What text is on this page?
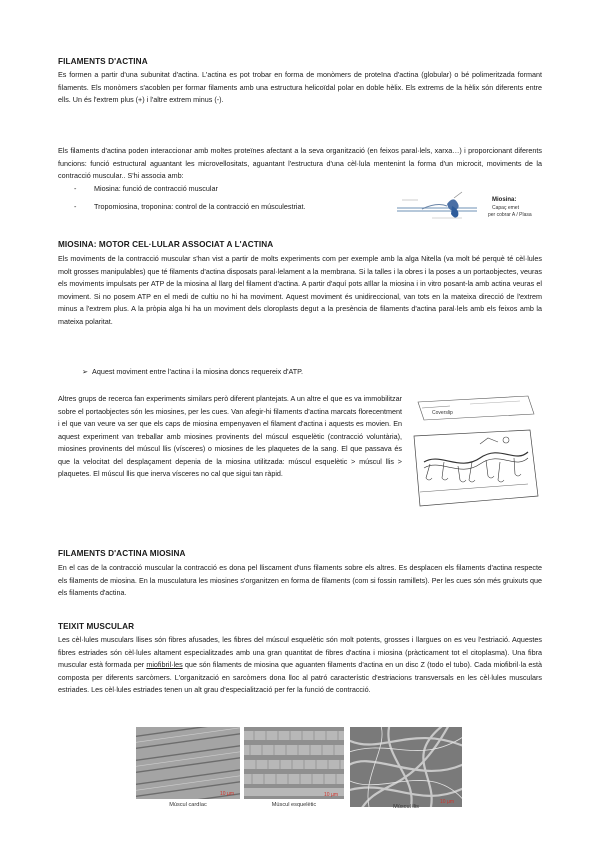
FILAMENTS D'ACTINA

Es formen a partir d'una subunitat d'actina. L'actina es pot trobar en forma de monòmers de proteïna d'actina (globular) o bé polimeritzada formant filaments. Els monòmers s'acoblen per formar filaments amb una estructura helicoïdal polar en doble hèlix. Els extrems de la hèlix són diferents entre ells. Un és l'extrem plus (+) i l'altre extrem minus (-).

Els filaments d'actina poden interaccionar amb moltes proteïnes afectant a la seva organització (en feixos paral·lels, xarxa…) i proporcionant diferents funcions: funció estructural aguantant les microvellositats, aguantant l'estructura d'una cèl·lula mentenint la forma d'un microcit, moviments de la contracció muscular.. S'hi associa amb:

- Miosina: funció de contracció muscular
- Tropomiosina, troponina: control de la contracció en músculestriat.
Miosina:
Capaç emet
per cobrar A / Plasa
MIOSINA: MOTOR CEL·LULAR ASSOCIAT A L'ACTINA

Els moviments de la contracció muscular s'han vist a partir de molts experiments com per exemple amb la alga Nitella (va molt bé perquè té cèl·lules molt grosses manipulables) que té filaments d'actina disposats paral·lelament a la membrana. Si la talles i la obres i la poses a un portaobjectes, veuras els moviments impulsats per ATP de la miosina al llarg del filament d'actina. A partir d'aquí pots aïllar la miosina i in vitro posant-la amb actina veuras el moviment. Si no posem ATP en el medi de cultiu no hi ha moviment. Aquest moviment és unidireccional, van tots en la mateixa direcció de l'extrem minus a l'extrem plus. A la pròpia alga hi ha un moviment dels cloroplasts degut a la presència de filaments d'actina paral·lels amb els feixos amb la mateixa polaritat.

➢  Aquest moviment entre l'actina i la miosina doncs requereix d'ATP.

Altres grups de recerca fan experiments similars però diferent plantejats. A un altre el que es va immobilitzar sobre el portaobjectes són les miosines, per les cues. Van afegir-hi filaments d'actina marcats florecentment i el que van veure va ser que els caps de miosina empenyaven el filament d'actina i aquests es movien. En aquest experiment van treballar amb miosines provinents del múscul esquelètic (contracció voluntària), miosines provinents del múscul llis (vísceres) o miosines de les plaquetes de la sang. El que passava és que la velocitat del desplaçament depenia de la miosina utilitzada: múscul esquelètic > múscul llis > plaquetes. El múscul llis que inerva vísceres no cal que sigui tan ràpid.

Coverslip
FILAMENTS D'ACTINA MIOSINA

En el cas de la contracció muscular la contracció es dona pel lliscament d'uns filaments sobre els altres. Es desplacen els filaments d'actina respecte els filaments de miosina. En la musculatura les miosines s'organitzen en forma de filaments (com si fossin ramillets). Per les cues són més gruixuts que els filaments d'actina.

TEIXIT MUSCULAR

Les cèl·lules musculars llises són fibres afusades, les fibres del múscul esquelètic són molt potents, grosses i llargues on es veu l'estriació. Aquestes fibres estriades són cèl·lules altament especialitzades amb una gran quantitat de fibres d'actina i miosina (pràcticament tot el citoplasma). Una fibra muscular està formada per miofibril·les que són filaments de miosina que aguanten filaments d'actina en un disc Z (todo el tubo). Cada miofibril·la està composta per diferents sarcòmers. L'organització en sarcòmers dona lloc al patró característic d'estriacions transversals en les cèl·lules musculars estriades. Les cèl·lules estriades tenen un alt grau d'especialització per fer la funció de contracció.

10 µm
Múscul cardíac
10 µm
Múscul esquelètic	10 µm
Múscul llis
